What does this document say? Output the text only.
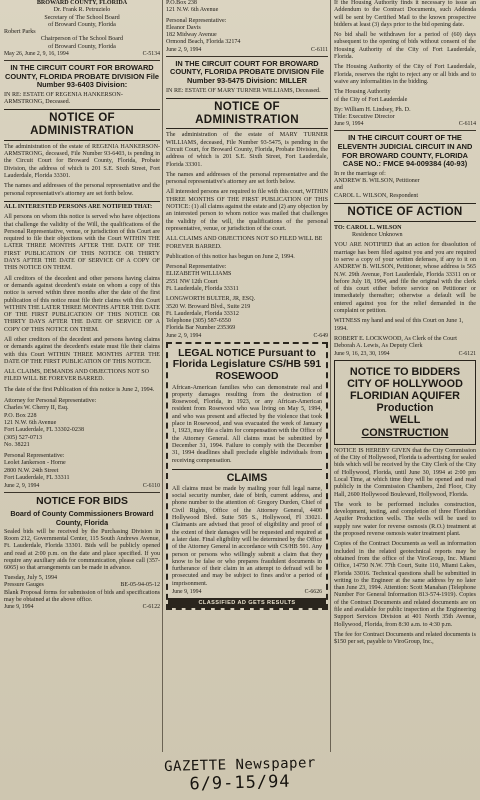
BROWARD COUNTY, FLORIDA

Dr. Frank R. Petruzielo

Secretary of The School Board

of Broward County, Florida

Robert Parks

Chairperson of The School Board

of Broward County, Florida

May 26, June 2, 9, 16, 1994	C-5134
IN THE CIRCUIT COURT FOR BROWARD COUNTY, FLORIDA PROBATE DIVISION File Number 93-6403 Division:

IN RE: ESTATE OF REGENIA HANKERSON-ARMSTRONG, Deceased.

NOTICE OF ADMINISTRATION

The administration of the estate of REGENIA HANKERSON-ARMSTRONG, deceased, File Number 93-6403, is pending in the Circuit Court for Broward County, Florida, Probate Division, the address of which is 201 S.E. Sixth Street, Fort Lauderdale, Florida 33301.

The names and addresses of the personal representative and the personal representative's attorney are set forth below.

ALL INTERESTED PERSONS ARE NOTIFIED THAT:

All persons on whom this notice is served who have objections that challenge the validity of the Will, the qualifications of the Personal Representative, venue, or jurisdiction of this Court are required to file their objections with the Court WITHIN THE LATER THREE MONTHS AFTER THE DATE OF THE FIRST PUBLICATION OF THIS NOTICE OR THIRTY DAYS AFTER THE DATE OF SERVICE OF A COPY OF THIS NOTICE ON THEM.

All creditors of the decedent and other persons having claims or demands against decedent's estate on whom a copy of this notice is served within three months after the date of the first publication of this notice must file their claims with this Court WITHIN THE LATER THREE MONTHS AFTER THE DATE OF THE FIRST PUBLICATION OF THIS NOTICE OR THIRTY DAYS AFTER THE DATE OF SERVICE OF A COPY OF THIS NOTICE ON THEM.

All other creditors of the decedent and persons having claims or demands against the decedent's estate must file their claims with this Court WITHIN THREE MONTHS AFTER THE DATE OF THE FIRST PUBLICATION OF THIS NOTICE.

ALL CLAIMS, DEMANDS AND OBJECTIONS NOT SO FILED WILL BE FOREVER BARRED.

The date of the first Publication of this notice is June 2, 1994.

Attorney for Personal Representative:

Charles W. Cherry II, Esq.

P.O. Box 228

121 N.W. 6th Avenue

Fort Lauderdale, FL 33302-0238

(305) 527-0713

No. 38221

Personal Representative:

Leolet Jankerson - Horne

2800 N.W. 24th Street

Fort Lauderdale, FL 33311

June 2, 9, 1994	C-6110
NOTICE FOR BIDS
Board of County Commissioners Broward County, Florida

Sealed bids will be received by the Purchasing Division in Room 212, Governmental Center, 115 South Andrews Avenue, Ft. Lauderdale, Florida 33301. Bids will be publicly opened and read at 2:00 p.m. on the date and place specified. If you require any auxiliary aids for communication, please call (357-6065) so that arrangements can be made in advance.

Tuesday, July 5, 1994

Pressure Gauges	BE-05-94-05-12

Blank Proposal forms for submission of bids and specifications may be obtained at the above office.

June 9, 1994	C-6122

P.O.Box 238

121 N.W. 6th Avenue

Personal Representative:

Eleanor Davis

182 Midway Avenue

Ormond Beach, Florida 32174

June 2, 9, 1994	C-6111
IN THE CIRCUIT COURT FOR BROWARD COUNTY, FLORIDA PROBATE DIVISION File Number 93-5475 Division: MILLER

IN RE: ESTATE OF MARY TURNER WILLIAMS, Deceased.

NOTICE OF ADMINISTRATION

The administration of the estate of MARY TURNER WILLIAMS, deceased, File Number 93-5475, is pending in the Circuit Court, for Broward County, Florida, Probate Division, the address of which is 201 S.E. Sixth Street, Fort Lauderdale, Florida 33301.

The names and addresses of the personal representative and the personal representative's attorney are set forth below.

All interested persons are required to file with this court, WITHIN THREE MONTHS OF THE FIRST PUBLICATION OF THIS NOTICE: (1) all claims against the estate and (2) any objection by an interested person to whom notice was mailed that challenges the validity of the will, the qualifications of the personal representative, venue, or jurisdiction of the court.

ALL CLAIMS AND OBJECTIONS NOT SO FILED WILL BE FOREVER BARRED.

Publication of this notice has begun on June 2, 1994.

Personal Representative:

ELIZABETH WILLIAMS

2551 NW 12th Court

Ft. Lauderdale, Florida 33311

LONGWORTH BULTER, JR, ESQ.

3520 W. Broward Blvd., Suite 219

Ft. Lauderdale, Florida 33312

Telephone (305) 587-6550

Florida Bar Number 235369

June 2, 9, 1994	C-649
LEGAL NOTICE Pursuant to Florida Legislature CS/HB 591 ROSEWOOD

African-American families who can demonstrate real and property damages resulting from the destruction of Rosewood, Florida, in 1923, or any African-American resident from Rosewood who was living on May 5, 1994, and who was present and affected by the violence that took place in Rosewood, and was evacuated the week of January 1, 1923, may file a claim for compensation with the Office of the Attorney General. All claims must be submitted by December 31, 1994. Failure to comply with the December 31, 1994 deadlines shall preclude eligible individuals from receiving compensation.

CLAIMS

All claims must be made by mailing your full legal name, social security number, date of birth, current address, and phone number to the attention of: Gregory Durden, Chief of Civil Rights, Office of the Attorney General, 4400 Hollywood Blvd. Suite 505 S., Hollywood, Fl 33021. Claimants are advised that proof of eligibility and proof of the extent of their damages will be requested and required at a later date. Final eligibility will be determined by the Office of the Attorney General in accordance with CS/HB 591. Any person or persons who willingly submit a claim that they know to be false or who prepares fraudulent documents in furtherance of their claim in an attempt to defraud will be prosecuted and may be subject to fines and/or a period of imprisonment.

June 9, 1994	C-6626
CLASSIFIED AD GETS RESULTS

If the Housing Authority finds it necessary to issue an Addendum to the Contract Documents, such Addenda will be sent by Certified Mail to the known prospective bidders at least (3) days prior to the bid opening date.

No bid shall be withdrawn for a period of (60) days subsequent to the opening of bids without consent of the Housing Authority of the City of Fort Lauderdale, Florida.

The Housing Authority of the City of Fort Lauderdale, Florida, reserves the right to reject any or all bids and to waive any informalities in the bidding.

The Housing Authority

of the City of Fort Lauderdale

By: William H. Lindsey, Ph. D.

Title: Executive Director

June 9, 1994	C-6114
IN THE CIRCUIT COURT OF THE ELEVENTH JUDICIAL CIRCUIT IN AND FOR BROWARD COUNTY, FLORIDA CASE NO.: FMCE 94-009384 (40-93)

In re the marriage of:

ANDREW B. WILSON, Petitioner

and

CAROL L. WILSON, Respondent

NOTICE OF ACTION

TO: CAROL L. WILSON

Residence Unknown

YOU ARE NOTIFIED that an action for dissolution of marriage has been filed against you and you are required to serve a copy of your written defenses, if any to it on ANDREW B. WILSON, Petitioner, whose address is 565 N.W. 29th Avenue, Fort Lauderdale, Florida 33311 on or before July 18, 1994, and file the original with the clerk of this court either before service on Petitioner or immediately thereafter; otherwise a default will be entered against you for the relief demanded in the complaint or petition.

WITNESS my hand and seal of this Court on June 1, 1994.

ROBERT E. LOCKWOOD, As Clerk of the Court

Deborah A. Lewis, As Deputy Clerk

June 9, 16, 23, 30, 1994	C-6121
NOTICE TO BIDDERS
CITY OF HOLLYWOOD
FLORIDIAN AQUIFER
Production
WELL
CONSTRUCTION

NOTICE IS HEREBY GIVEN that the City Commission of the City of Hollywood, Florida is advertising for sealed bids which will be received by the City Clerk of the City of Hollywood, Florida, until June 30, 1994 at 2:00 pm Local Time, at which time they will be opened and read publicly in the Commission Chambers, 2nd Floor, City Hall, 2600 Hollywood Boulevard, Hollywood, Florida.

The work to be performed includes construction, development, testing, and completion of three Floridian Aquifer Production wells. The wells will be used to supply raw water for reverse osmosis (R.O.) treatment at the proposed reverse osmosis water treatment plant.

Copies of the Contract Documents as well as information included in the related geotechnical reports may be obtained from the office of the ViroGroup, Inc. Miami Office, 14750 N.W. 77th Court, Suite 110, Miami Lakes, Florida 33016. Technical questions shall be submitted in writing to the Engineer at the same address by no later than June 23, 1994. Attention: Scott Manahan (Telephone Number For General Information 813-574-1919). Copies of the Contract Documents and related documents are on file and available for public inspection at the Engineering Support Services Division at 401 North 35th Avenue, Hollywood, Florida, from 8:30 a.m. to 4:30 p.m.

The fee for Contract Documents and related documents is $150 per set, payable to ViroGroup, Inc.,

GAZETTE Newspaper
6/9-15/94
